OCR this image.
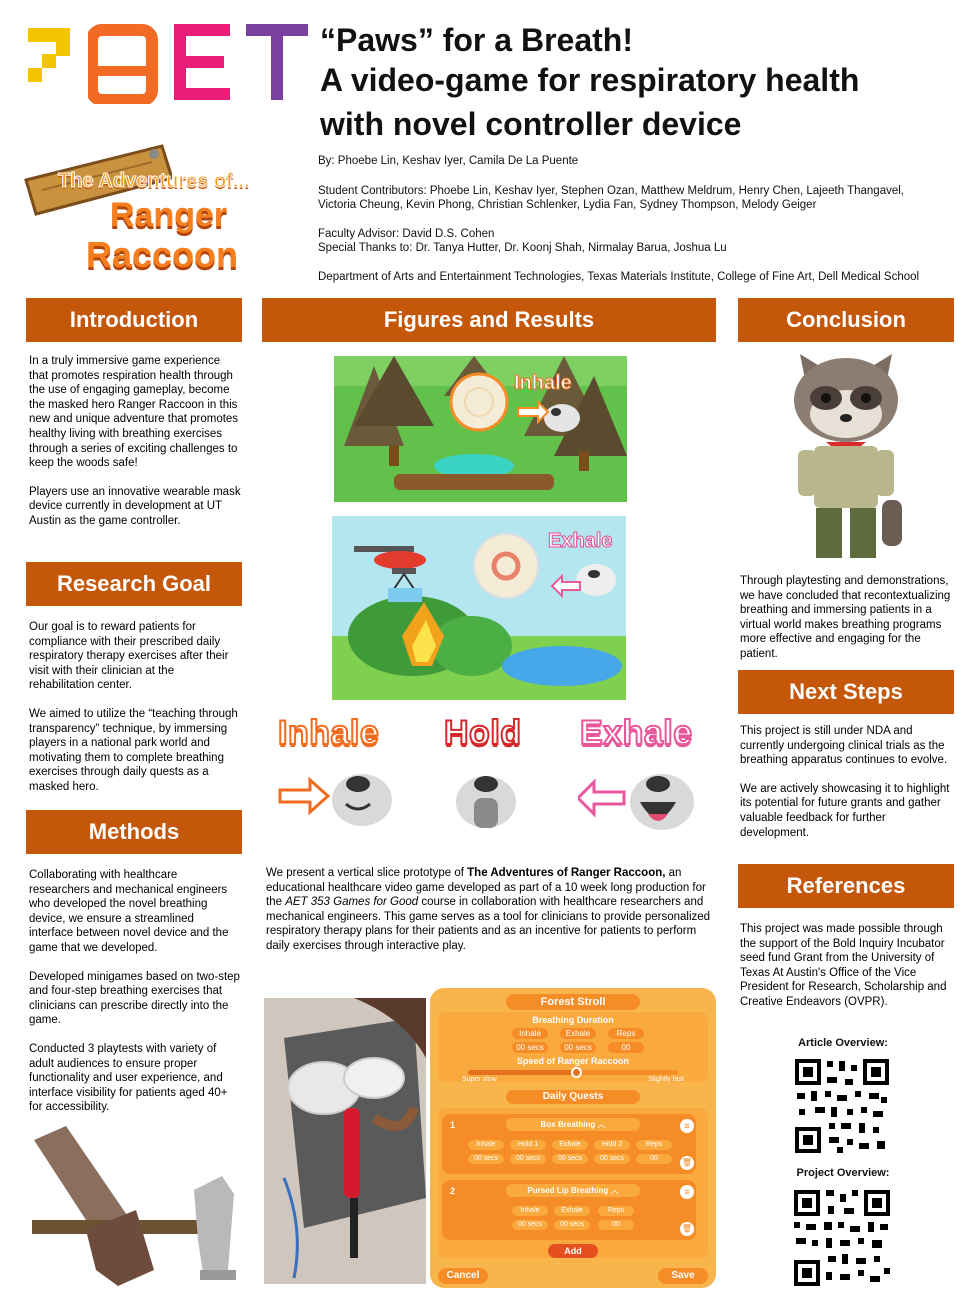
“Paws” for a Breath!
A video-game for respiratory health
with novel controller device
By: Phoebe Lin, Keshav Iyer, Camila De La Puente
Student Contributors: Phoebe Lin, Keshav Iyer, Stephen Ozan, Matthew Meldrum, Henry Chen, Lajeeth Thangavel,
Victoria Cheung, Kevin Phong, Christian Schlenker, Lydia Fan, Sydney Thompson, Melody Geiger
Faculty Advisor: David D.S. Cohen
Special Thanks to: Dr. Tanya Hutter, Dr. Koonj Shah, Nirmalay Barua, Joshua Lu
Department of Arts and Entertainment Technologies, Texas Materials Institute, College of Fine Art, Dell Medical School
The Adventures of...
Ranger
Raccoon
Introduction

In a truly immersive game experience that promotes respiration health through the use of engaging gameplay, become the masked hero Ranger Raccoon in this new and unique adventure that promotes healthy living with breathing exercises through a series of exciting challenges to keep the woods safe!

Players use an innovative wearable mask device currently in development at UT Austin as the game controller.

Research Goal

Our goal is to reward patients for compliance with their prescribed daily respiratory therapy exercises after their visit with their clinician at the rehabilitation center.

We aimed to utilize the “teaching through transparency” technique, by immersing players in a national park world and motivating them to complete breathing exercises through daily quests as a masked hero.

Methods

Collaborating with healthcare researchers and mechanical engineers who developed the novel breathing device, we ensure a streamlined interface between novel device and the game that we developed.

Developed minigames based on two-step and four-step breathing exercises that clinicians can prescribe directly into the game.

Conducted 3 playtests with variety of adult audiences to ensure proper functionality and user experience, and interface visibility for patients aged 40+ for accessibility.

Figures and Results
Inhale
Exhale
Inhale Hold Exhale
We present a vertical slice prototype of The Adventures of Ranger Raccoon, an educational healthcare video game developed as part of a 10 week long production for the AET 353 Games for Good course in collaboration with healthcare researchers and mechanical engineers. This game serves as a tool for clinicians to provide personalized respiratory therapy plans for their patients and as an incentive for patients to perform daily exercises through interactive play.
Forest Stroll
Breathing Duration
Inhale	Exhale	Reps
00 secs	00 secs	00
Speed of Ranger Raccoon
Super slow	Slightly fast
Daily Quests
1	Box Breathing ︿	≡
Inhale	Hold 1	Exhale	Hold 2	Reps
00 secs	00 secs	00 secs	00 secs	00	🗑
2	Pursed Lip Breathing ︿	≡
Inhale	Exhale	Reps
00 secs	00 secs	00	🗑
Add
Cancel	Save
Conclusion

Through playtesting and demonstrations, we have concluded that recontextualizing breathing and immersing patients in a virtual world makes breathing programs more effective and engaging for the patient.

Next Steps

This project is still under NDA and currently undergoing clinical trials as the breathing apparatus continues to evolve.

We are actively showcasing it to highlight its potential for future grants and gather valuable feedback for further development.

References

This project was made possible through the support of the Bold Inquiry Incubator seed fund Grant from the University of Texas At Austin's Office of the Vice President for Research, Scholarship and Creative Endeavors (OVPR).

Article Overview:
Project Overview:
